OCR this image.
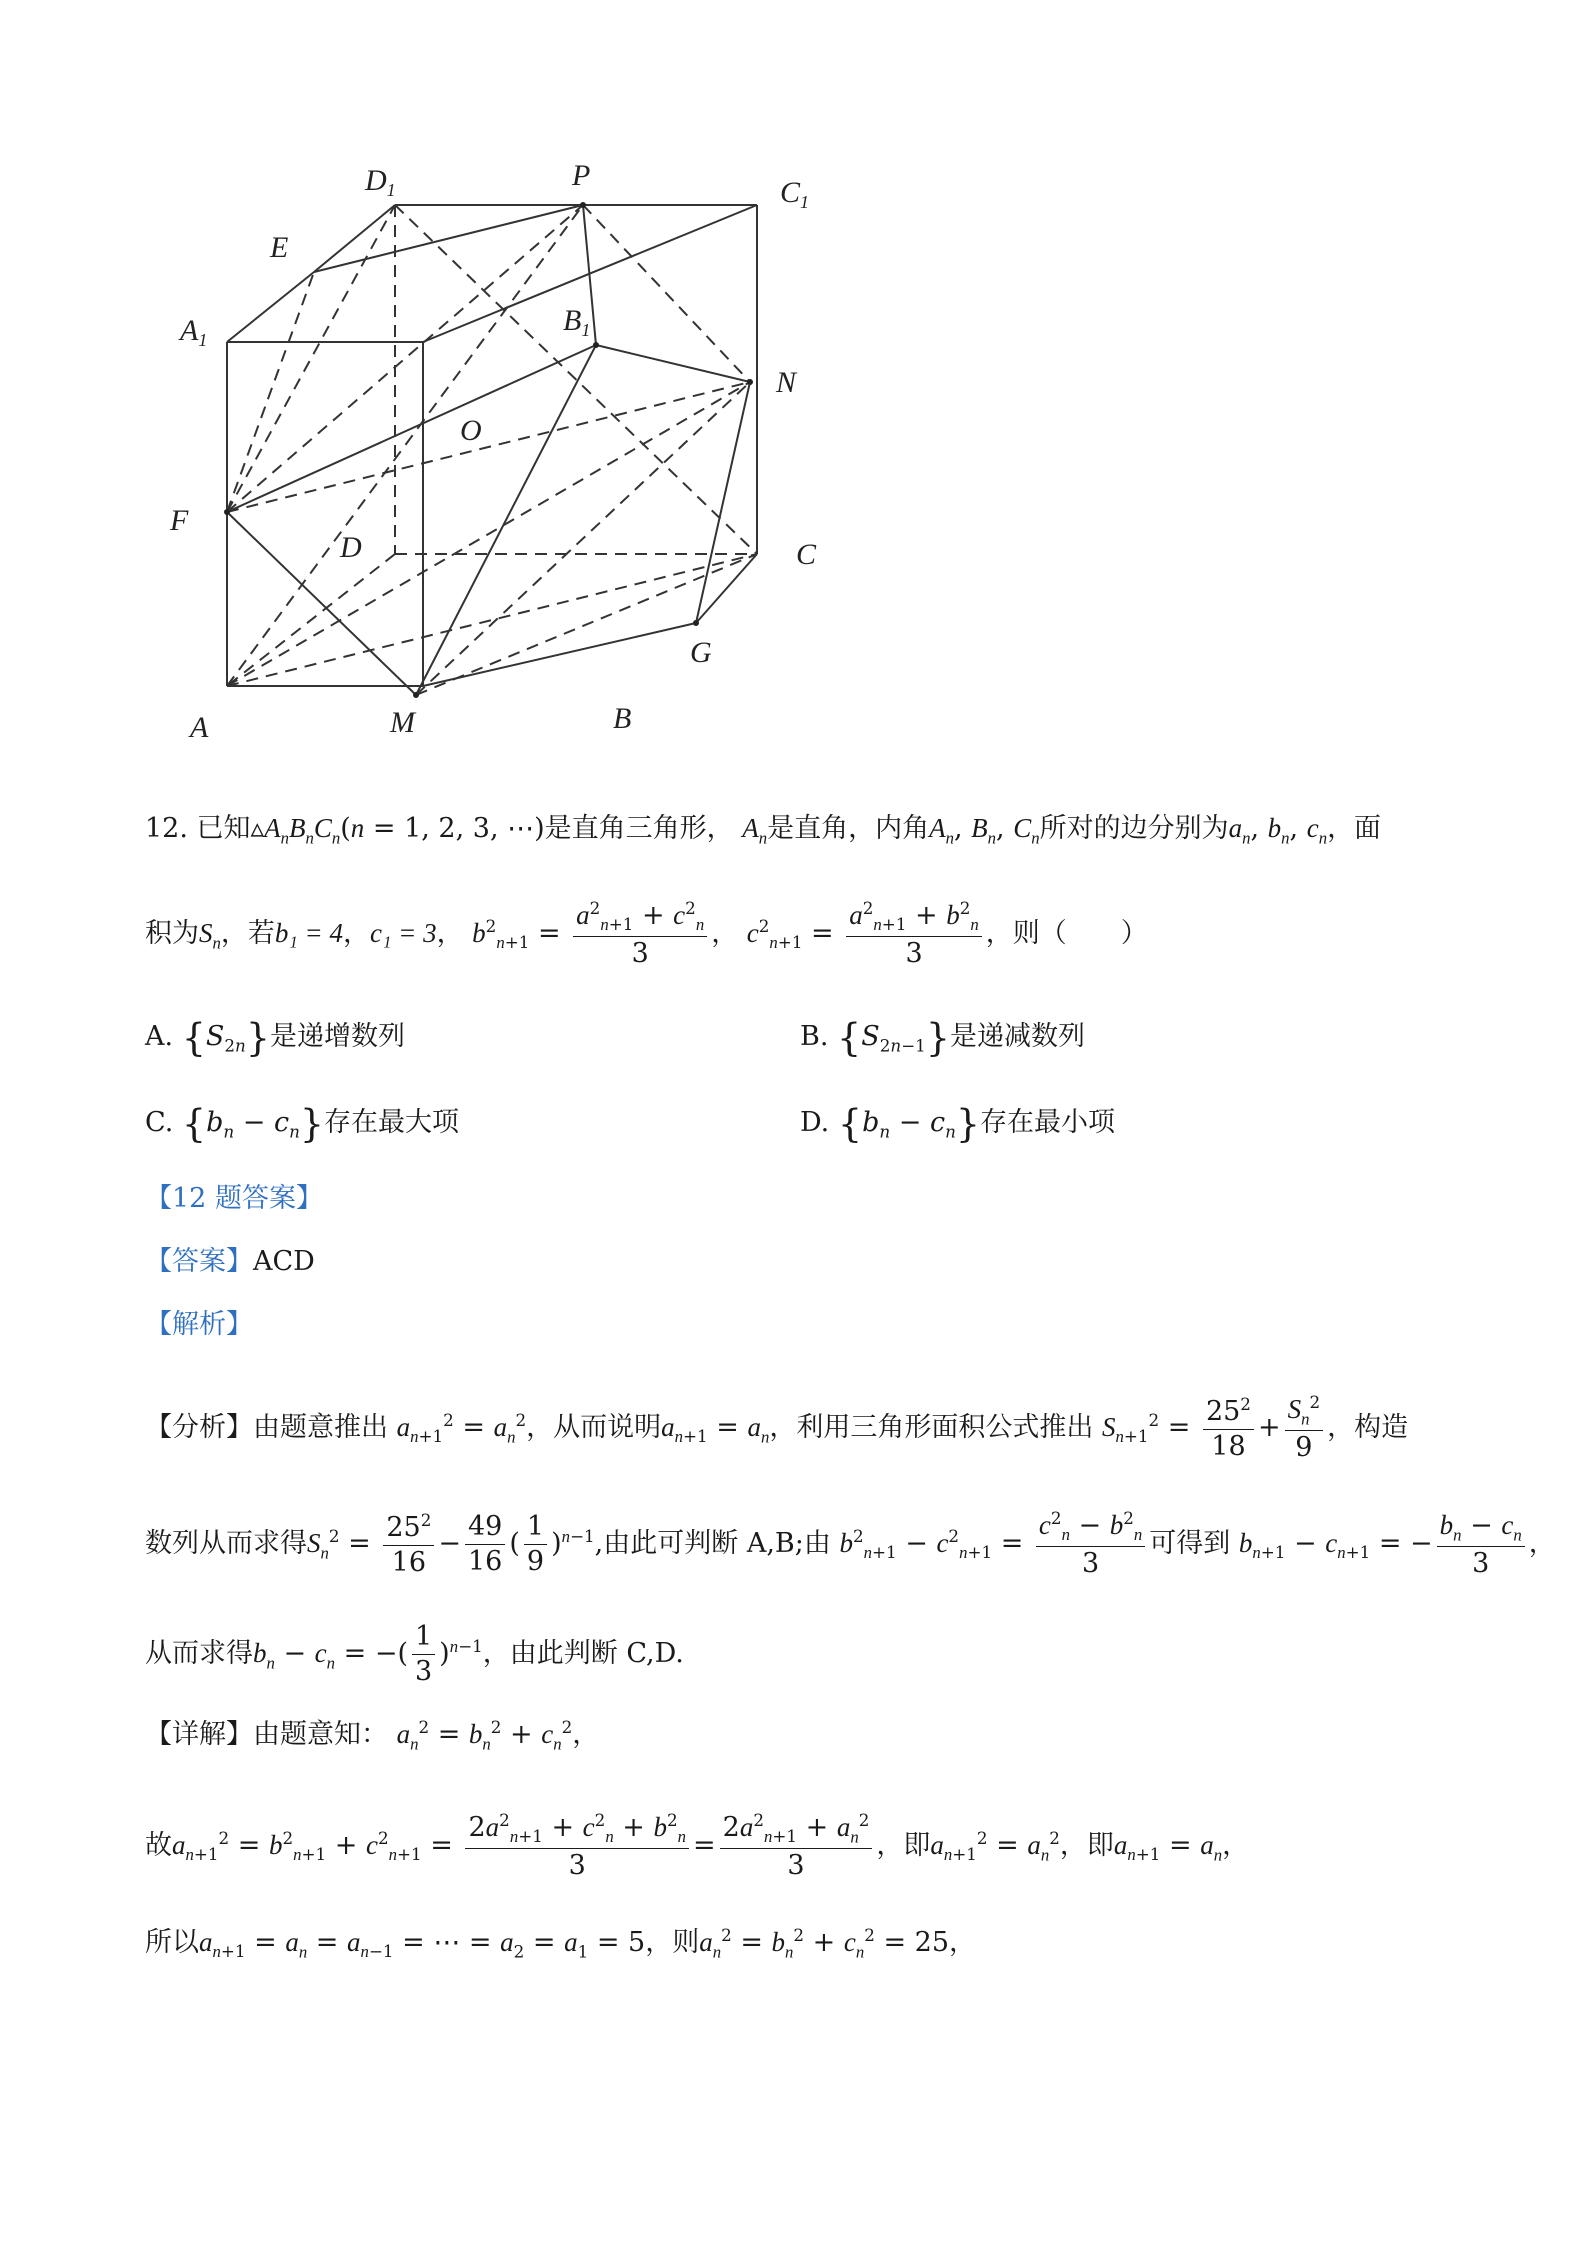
$D_1$	P
$C_1$
E
$A_1$
$B_1$
N
O
F
D	C
G
A	M	B
12. 已知$▵A_nB_nC_n(n = 1$, 2, 3, ⋯)是直角三角形， $A_n$是直角，内角$A_n$, $B_n$, $C_n$所对的边分别为$a_n$, $b_n$, $c_n$，面
积为$S_n$，若b₁ = 4，c₁ = 3， $b^2_{n+1} = \frac{a^2_{n+1} + c^2_n}{3}$ ， $c^2_{n+1} = \frac{a^2_{n+1} + b^2_n}{3}$ ，则（　　）
A. $\{S_{2n}\}$是递增数列	B. $\{S_{2n-1}\}$是递减数列
C. $\{b_n - c_n\}$存在最大项	D. $\{b_n - c_n\}$存在最小项
【12 题答案】
【答案】ACD
【解析】
【分析】由题意推出 $a_{n+1}^2 = a_n^2$，从而说明$a_{n+1} = a_n$，利用三角形面积公式推出 $S_{n+1}^2 = \frac{25^2}{18} + \frac{S_n^2}{9}$ ，构造
数列从而求得$S_n^2 = \frac{25^2}{16} - \frac{49}{16}$ ( $\frac{1}{9} )^{n-1}$,由此可判断 A,B;由 $b^2_{n+1} - c^2_{n+1} = \frac{c^2_n - b^2_n}{3}$ 可得到 $b_{n+1} - c_{n+1}$ = − $\frac{b_n - c_n}{3}$ ，
从而求得$b_n - c_n$ = −( $\frac{1}{3} )^{n-1}$，由此判断 C,D.
【详解】由题意知： $a_n^2 = b_n^2 + c_n^2$，
故$a_{n+1}^2 = b^2_{n+1} + c^2_{n+1} = \frac{2a^2_{n+1} + c^2_n + b^2_n}{3} = \frac{2a^2_{n+1} + a_n^2}{3}$ ，即$a_{n+1}^2 = a_n^2$，即$a_{n+1} = a_n$，
所以$a_{n+1} = a_n = a_{n-1}$ = ⋯ = $a_2 = a_1 = 5$，则$a_n^2 = b_n^2 + c_n^2 = 25$，
